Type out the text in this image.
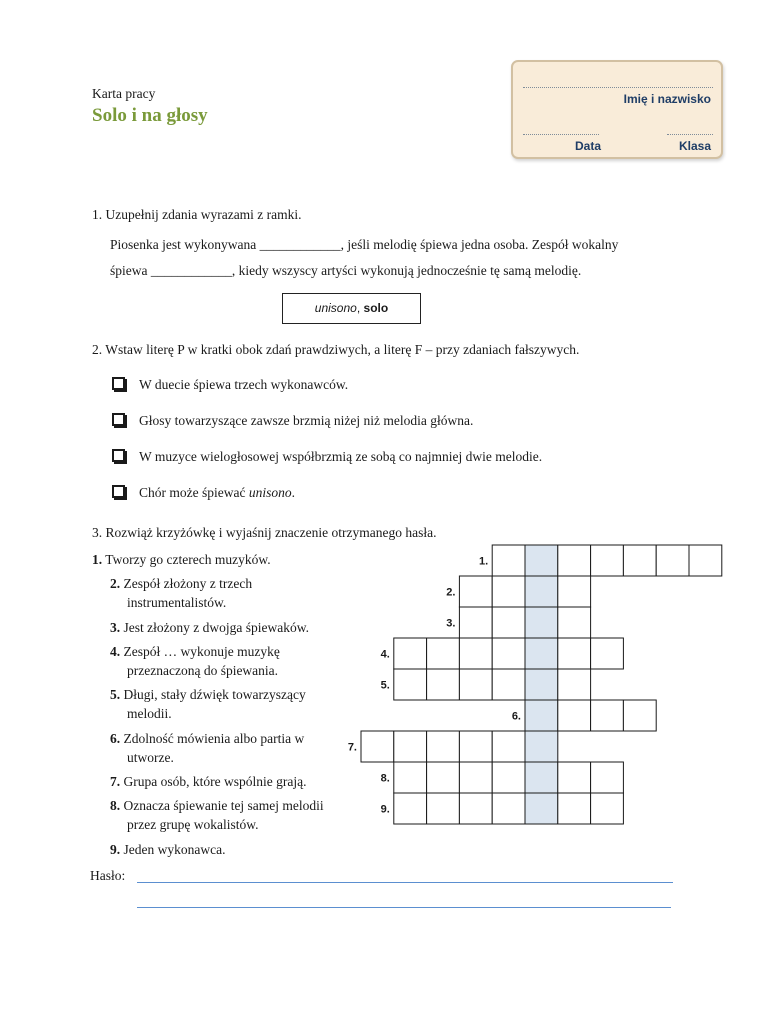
Karta pracy
Solo i na głosy
Imię i nazwisko
Data	Klasa
1. Uzupełnij zdania wyrazami z ramki.
Piosenka jest wykonywana ____________, jeśli melodię śpiewa jedna osoba. Zespół wokalny
śpiewa ____________, kiedy wszyscy artyści wykonują jednocześnie tę samą melodię.
unisono, solo
2. Wstaw literę P w kratki obok zdań prawdziwych, a literę F – przy zdaniach fałszywych.
W duecie śpiewa trzech wykonawców.
Głosy towarzyszące zawsze brzmią niżej niż melodia główna.
W muzyce wielogłosowej współbrzmią ze sobą co najmniej dwie melodie.
Chór może śpiewać unisono.
3. Rozwiąż krzyżówkę i wyjaśnij znaczenie otrzymanego hasła.
1. Tworzy go czterech muzyków.
2. Zespół złożony z trzech
instrumentalistów.
3. Jest złożony z dwojga śpiewaków.
4. Zespół … wykonuje muzykę
przeznaczoną do śpiewania.
5. Długi, stały dźwięk towarzyszący
melodii.
6. Zdolność mówienia albo partia w
utworze.
7. Grupa osób, które wspólnie grają.
8. Oznacza śpiewanie tej samej melodii
przez grupę wokalistów.
9. Jeden wykonawca.
1.
2.
3.
4.
5.
6.
7.
8.
9.
Hasło:
